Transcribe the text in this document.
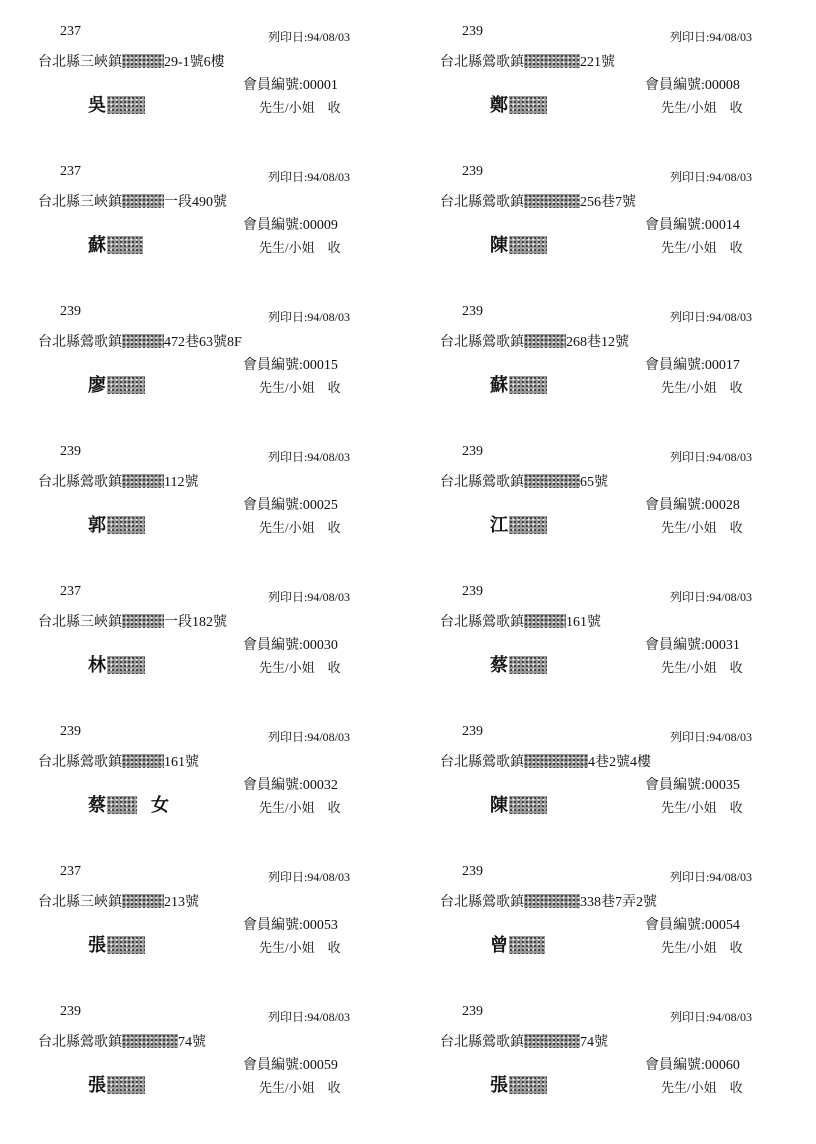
237	列印日:94/08/03
台北縣三峽鎮	29-1號6樓
會員編號:00001
吳	先生/小姐　收
239	列印日:94/08/03
台北縣鶯歌鎮	221號
會員編號:00008
鄭	先生/小姐　收
237	列印日:94/08/03
台北縣三峽鎮	一段490號
會員編號:00009
蘇	先生/小姐　收
239	列印日:94/08/03
台北縣鶯歌鎮	256巷7號
會員編號:00014
陳	先生/小姐　收
239	列印日:94/08/03
台北縣鶯歌鎮	472巷63號8F
會員編號:00015
廖	先生/小姐　收
239	列印日:94/08/03
台北縣鶯歌鎮	268巷12號
會員編號:00017
蘇	先生/小姐　收
239	列印日:94/08/03
台北縣鶯歌鎮	112號
會員編號:00025
郭	先生/小姐　收
239	列印日:94/08/03
台北縣鶯歌鎮	65號
會員編號:00028
江	先生/小姐　收
237	列印日:94/08/03
台北縣三峽鎮	一段182號
會員編號:00030
林	先生/小姐　收
239	列印日:94/08/03
台北縣鶯歌鎮	161號
會員編號:00031
蔡	先生/小姐　收
239	列印日:94/08/03
台北縣鶯歌鎮	161號
會員編號:00032
蔡 女	先生/小姐　收
239	列印日:94/08/03
台北縣鶯歌鎮	4巷2號4樓
會員編號:00035
陳	先生/小姐　收
237	列印日:94/08/03
台北縣三峽鎮	213號
會員編號:00053
張	先生/小姐　收
239	列印日:94/08/03
台北縣鶯歌鎮	338巷7弄2號
會員編號:00054
曾	先生/小姐　收
239	列印日:94/08/03
台北縣鶯歌鎮	74號
會員編號:00059
張	先生/小姐　收
239	列印日:94/08/03
台北縣鶯歌鎮	74號
會員編號:00060
張	先生/小姐　收
